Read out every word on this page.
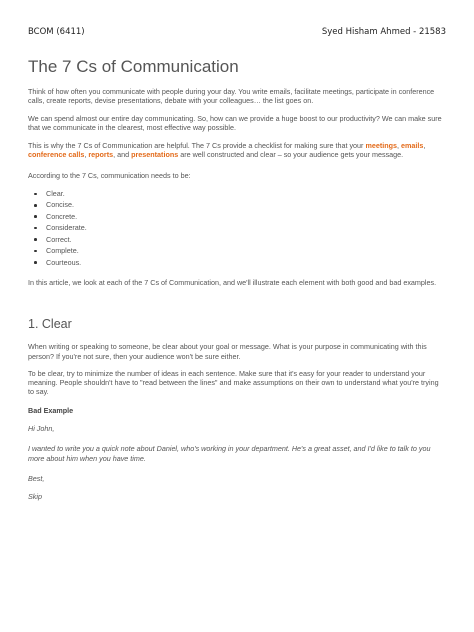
BCOM (6411)	Syed Hisham Ahmed - 21583
The 7 Cs of Communication

Think of how often you communicate with people during your day. You write emails, facilitate meetings, participate in conference calls, create reports, devise presentations, debate with your colleagues… the list goes on.

We can spend almost our entire day communicating. So, how can we provide a huge boost to our productivity? We can make sure that we communicate in the clearest, most effective way possible.

This is why the 7 Cs of Communication are helpful. The 7 Cs provide a checklist for making sure that your meetings, emails, conference calls, reports, and presentations are well constructed and clear – so your audience gets your message.

According to the 7 Cs, communication needs to be:

Clear.
Concise.
Concrete.
Considerate.
Correct.
Complete.
Courteous.

In this article, we look at each of the 7 Cs of Communication, and we'll illustrate each element with both good and bad examples.

1. Clear

When writing or speaking to someone, be clear about your goal or message. What is your purpose in communicating with this person? If you're not sure, then your audience won't be sure either.

To be clear, try to minimize the number of ideas in each sentence. Make sure that it's easy for your reader to understand your meaning. People shouldn't have to "read between the lines" and make assumptions on their own to understand what you're trying to say.

Bad Example

Hi John,

I wanted to write you a quick note about Daniel, who's working in your department. He's a great asset, and I'd like to talk to you more about him when you have time.

Best,

Skip
